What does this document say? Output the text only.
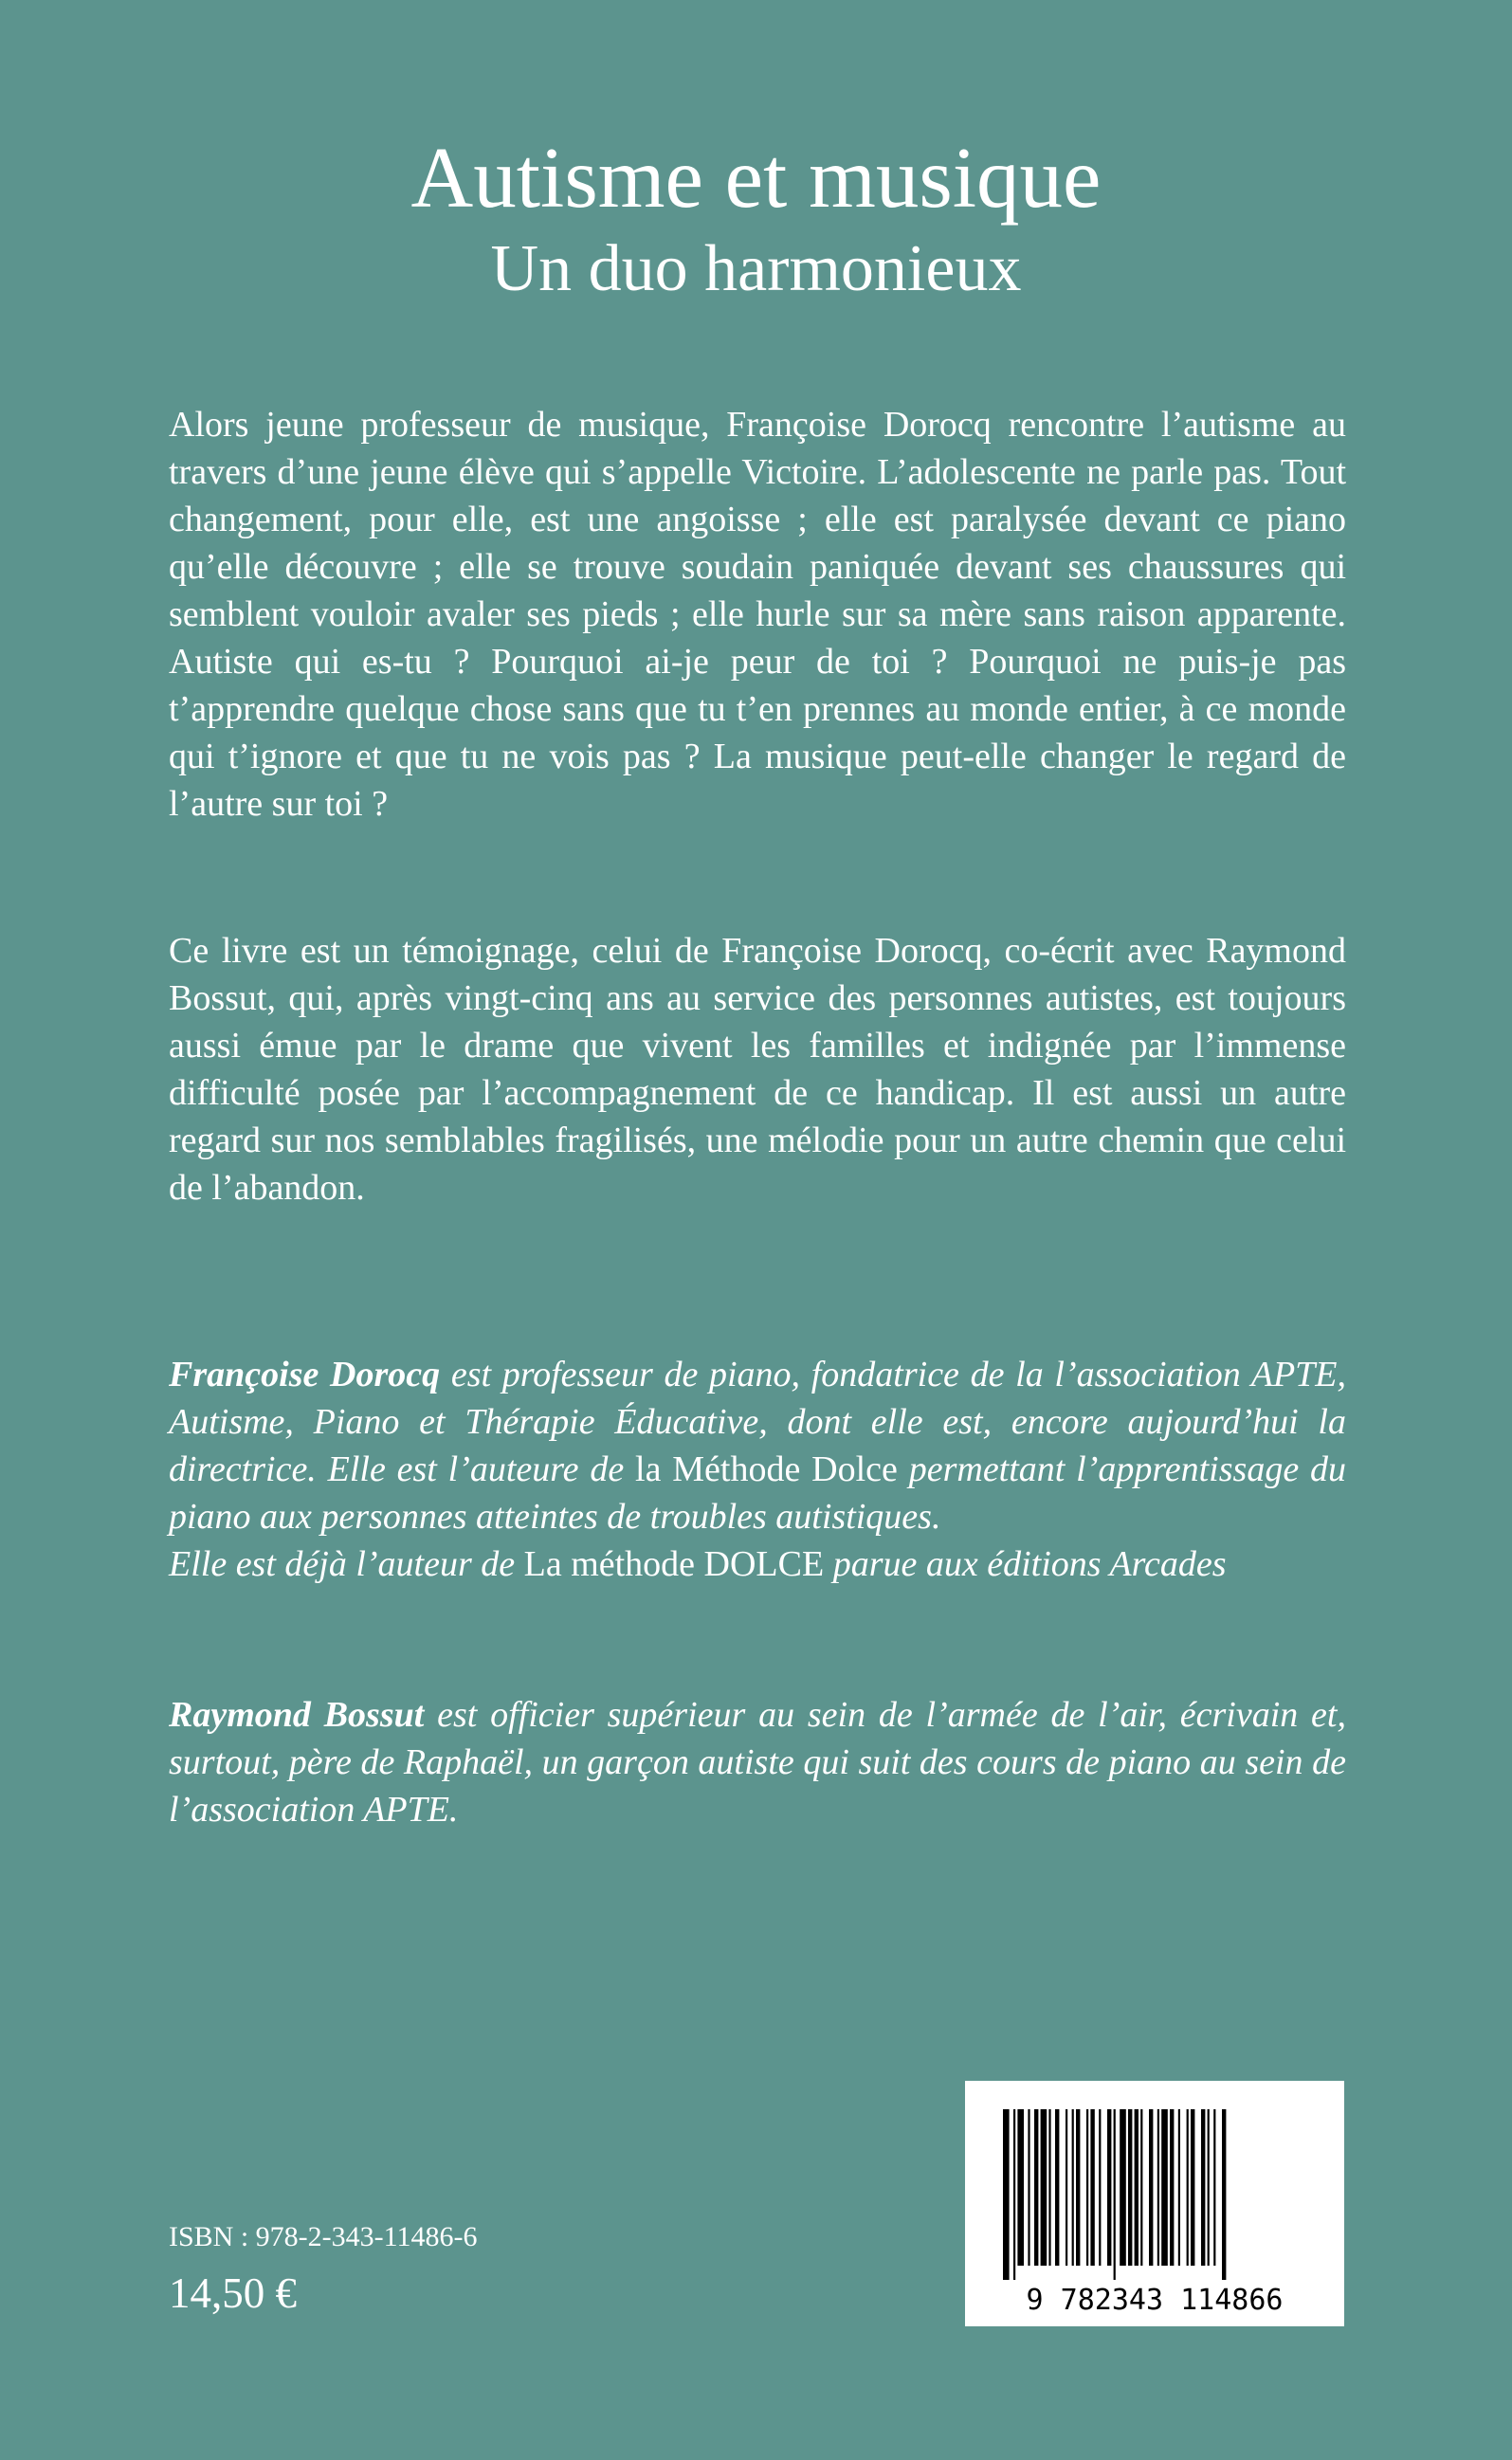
Autisme et musique
Un duo harmonieux
Alors jeune professeur de musique, Françoise Dorocq rencontre l’autisme au travers d’une jeune élève qui s’appelle Victoire. L’adolescente ne parle pas. Tout changement, pour elle, est une angoisse ; elle est paralysée devant ce piano qu’elle découvre ; elle se trouve soudain paniquée devant ses chaussures qui semblent vouloir avaler ses pieds ; elle hurle sur sa mère sans raison apparente. Autiste qui es-tu ? Pourquoi ai-je peur de toi ? Pourquoi ne puis-je pas t’apprendre quelque chose sans que tu t’en prennes au monde entier, à ce monde qui t’ignore et que tu ne vois pas ? La musique peut-elle changer le regard de l’autre sur toi ?
Ce livre est un témoignage, celui de Françoise Dorocq, co-écrit avec Raymond Bossut, qui, après vingt-cinq ans au service des personnes autistes, est toujours aussi émue par le drame que vivent les familles et indignée par l’immense difficulté posée par l’accompagnement de ce handicap. Il est aussi un autre regard sur nos semblables fragilisés, une mélodie pour un autre chemin que celui de l’abandon.
Françoise Dorocq est professeur de piano, fondatrice de la l’association APTE, Autisme, Piano et Thérapie Éducative, dont elle est, encore aujourd’hui la directrice. Elle est l’auteure de la Méthode Dolce permettant l’apprentissage du piano aux personnes atteintes de troubles autistiques.
Elle est déjà l’auteur de La méthode DOLCE parue aux éditions Arcades
Raymond Bossut est officier supérieur au sein de l’armée de l’air, écrivain et, surtout, père de Raphaël, un garçon autiste qui suit des cours de piano au sein de l’association APTE.
ISBN : 978-2-343-11486-6
14,50 €	9 782343 114866
